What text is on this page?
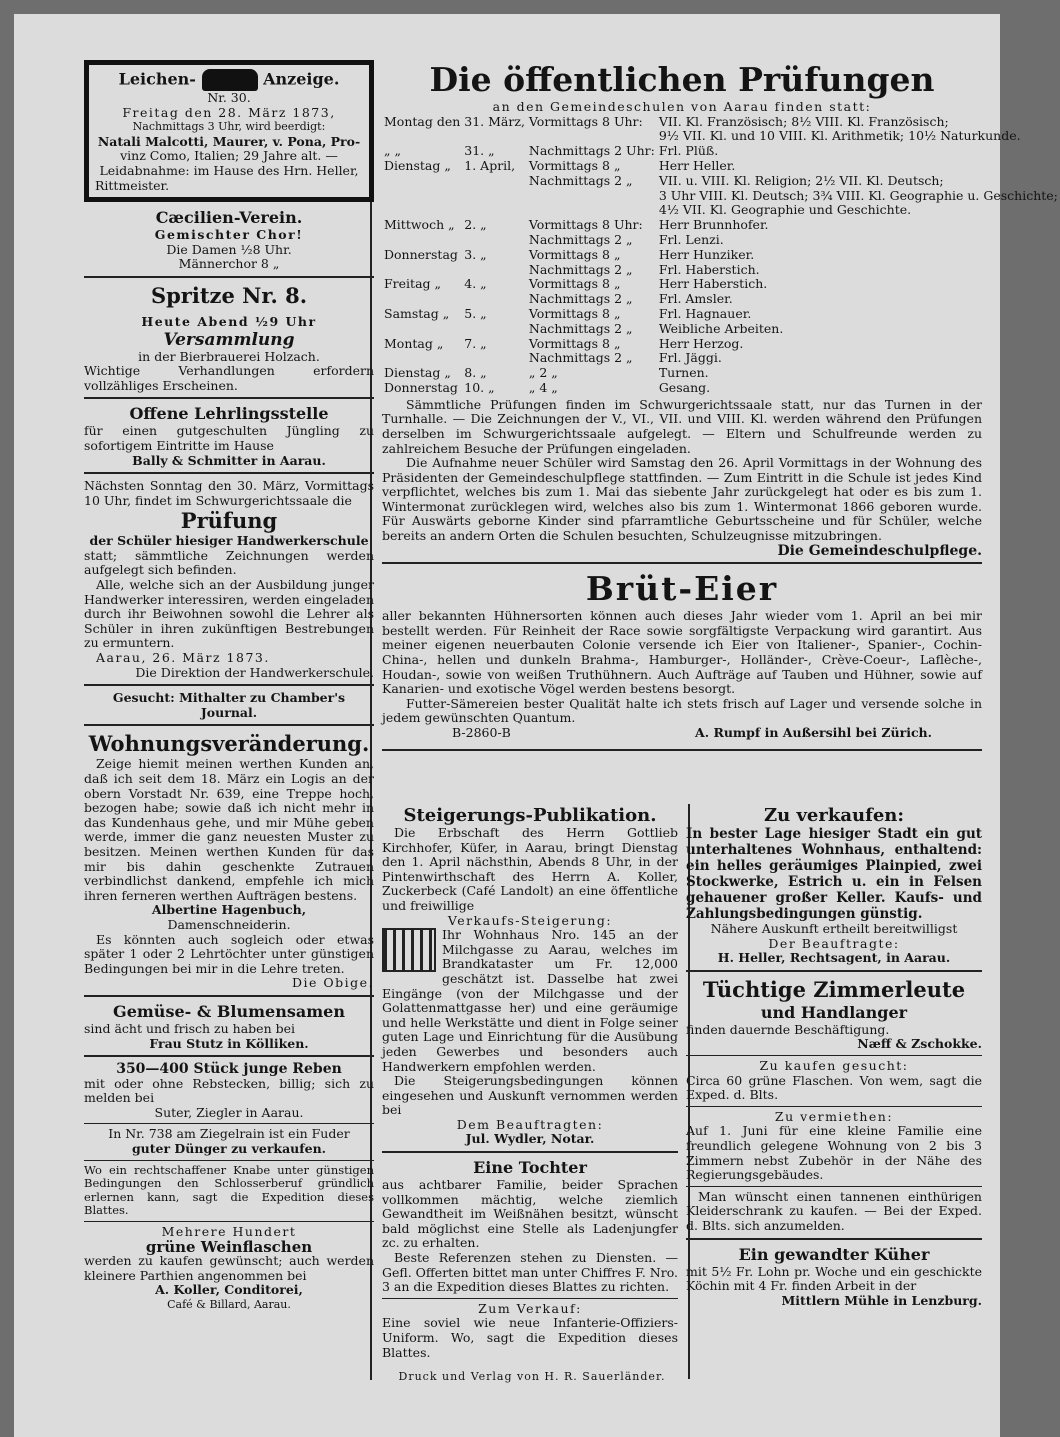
Leichen-	Anzeige.
Nr. 30.
Freitag den 28. März 1873,
Nachmittags 3 Uhr, wird beerdigt:
Natali Malcotti, Maurer, v. Pona, Pro-
vinz Como, Italien; 29 Jahre alt. —
Leidabnahme: im Hause des Hrn. Heller,
Rittmeister.
Cæcilien-Verein.
Gemischter Chor!
Die Damen ½8 Uhr.
Männerchor 8 „
Spritze Nr. 8.
Heute Abend ½9 Uhr
Versammlung
in der Bierbrauerei Holzach.
Wichtige Verhandlungen erfordern vollzähliges Erscheinen.
Offene Lehrlingsstelle
für einen gutgeschulten Jüngling zu sofortigem Eintritte im Hause
Bally & Schmitter in Aarau.
Nächsten Sonntag den 30. März, Vormittags 10 Uhr, findet im Schwurgerichtssaale die
Prüfung
der Schüler hiesiger Handwerkerschule
statt; sämmtliche Zeichnungen werden aufgelegt sich befinden.
Alle, welche sich an der Ausbildung junger Handwerker interessiren, werden eingeladen durch ihr Beiwohnen sowohl die Lehrer als Schüler in ihren zukünftigen Bestrebungen zu ermuntern.
Aarau, 26. März 1873.
Die Direktion der Handwerkerschule.
Gesucht: Mithalter zu Chamber's Journal.
Wohnungsveränderung.
Zeige hiemit meinen werthen Kunden an, daß ich seit dem 18. März ein Logis an der obern Vorstadt Nr. 639, eine Treppe hoch, bezogen habe; sowie daß ich nicht mehr in das Kundenhaus gehe, und mir Mühe geben werde, immer die ganz neuesten Muster zu besitzen. Meinen werthen Kunden für das mir bis dahin geschenkte Zutrauen verbindlichst dankend, empfehle ich mich ihren ferneren werthen Aufträgen bestens.
Albertine Hagenbuch,
Damenschneiderin.
Es könnten auch sogleich oder etwas später 1 oder 2 Lehrtöchter unter günstigen Bedingungen bei mir in die Lehre treten.
Die Obige.
Gemüse- & Blumensamen
sind ächt und frisch zu haben bei
Frau Stutz in Kölliken.
350—400 Stück junge Reben
mit oder ohne Rebstecken, billig; sich zu melden bei
Suter, Ziegler in Aarau.
In Nr. 738 am Ziegelrain ist ein Fuder
guter Dünger zu verkaufen.
Wo ein rechtschaffener Knabe unter günstigen Bedingungen den Schlosserberuf gründlich erlernen kann, sagt die Expedition dieses Blattes.
Mehrere Hundert
grüne Weinflaschen
werden zu kaufen gewünscht; auch werden kleinere Parthien angenommen bei
A. Koller, Conditorei,
Café & Billard, Aarau.
Die öffentlichen Prüfungen
an den Gemeindeschulen von Aarau finden statt:
Montag den	31. März,	Vormittags 8 Uhr:	VII. Kl. Französisch; 8½ VIII. Kl. Französisch;
			9½ VII. Kl. und 10 VIII. Kl. Arithmetik; 10½ Naturkunde.
„ „	31. „	Nachmittags 2 Uhr:	Frl. Plüß.
Dienstag „	1. April,	Vormittags 8 „	Herr Heller.
		Nachmittags 2 „	VII. u. VIII. Kl. Religion; 2½ VII. Kl. Deutsch;
			3 Uhr VIII. Kl. Deutsch; 3¾ VIII. Kl. Geographie u. Geschichte;
			4½ VII. Kl. Geographie und Geschichte.
Mittwoch „	2. „	Vormittags 8 Uhr:	Herr Brunnhofer.
		Nachmittags 2 „	Frl. Lenzi.
Donnerstag	3. „	Vormittags 8 „	Herr Hunziker.
		Nachmittags 2 „	Frl. Haberstich.
Freitag „	4. „	Vormittags 8 „	Herr Haberstich.
		Nachmittags 2 „	Frl. Amsler.
Samstag „	5. „	Vormittags 8 „	Frl. Hagnauer.
		Nachmittags 2 „	Weibliche Arbeiten.
Montag „	7. „	Vormittags 8 „	Herr Herzog.
		Nachmittags 2 „	Frl. Jäggi.
Dienstag „	8. „	„ 2 „	Turnen.
Donnerstag	10. „	„ 4 „	Gesang.
Sämmtliche Prüfungen finden im Schwurgerichtssaale statt, nur das Turnen in der Turnhalle. — Die Zeichnungen der V., VI., VII. und VIII. Kl. werden während den Prüfungen derselben im Schwurgerichtssaale aufgelegt. — Eltern und Schulfreunde werden zu zahlreichem Besuche der Prüfungen eingeladen.
Die Aufnahme neuer Schüler wird Samstag den 26. April Vormittags in der Wohnung des Präsidenten der Gemeindeschulpflege stattfinden. — Zum Eintritt in die Schule ist jedes Kind verpflichtet, welches bis zum 1. Mai das siebente Jahr zurückgelegt hat oder es bis zum 1. Wintermonat zurücklegen wird, welches also bis zum 1. Wintermonat 1866 geboren wurde. Für Auswärts geborne Kinder sind pfarramtliche Geburtsscheine und für Schüler, welche bereits an andern Orten die Schulen besuchten, Schulzeugnisse mitzubringen.
Die Gemeindeschulpflege.
Brüt-Eier
aller bekannten Hühnersorten können auch dieses Jahr wieder vom 1. April an bei mir bestellt werden. Für Reinheit der Race sowie sorgfältigste Verpackung wird garantirt. Aus meiner eigenen neuerbauten Colonie versende ich Eier von Italiener-, Spanier-, Cochin-China-, hellen und dunkeln Brahma-, Hamburger-, Holländer-, Crève-Coeur-, Laflèche-, Houdan-, sowie von weißen Truthühnern. Auch Aufträge auf Tauben und Hühner, sowie auf Kanarien- und exotische Vögel werden bestens besorgt.
Futter-Sämereien bester Qualität halte ich stets frisch auf Lager und versende solche in jedem gewünschten Quantum.
B-2860-B	A. Rumpf in Außersihl bei Zürich.
Steigerungs-Publikation.
Die Erbschaft des Herrn Gottlieb Kirchhofer, Küfer, in Aarau, bringt Dienstag den 1. April nächsthin, Abends 8 Uhr, in der Pintenwirthschaft des Herrn A. Koller, Zuckerbeck (Café Landolt) an eine öffentliche und freiwillige
Verkaufs-Steigerung:
Ihr Wohnhaus Nro. 145 an der Milchgasse zu Aarau, welches im Brandkataster um Fr. 12,000 geschätzt ist. Dasselbe hat zwei Eingänge (von der Milchgasse und der Golattenmattgasse her) und eine geräumige und helle Werkstätte und dient in Folge seiner guten Lage und Einrichtung für die Ausübung jeden Gewerbes und besonders auch Handwerkern empfohlen werden.
Die Steigerungsbedingungen können eingesehen und Auskunft vernommen werden bei
Dem Beauftragten:
Jul. Wydler, Notar.
Eine Tochter
aus achtbarer Familie, beider Sprachen vollkommen mächtig, welche ziemlich Gewandtheit im Weißnähen besitzt, wünscht bald möglichst eine Stelle als Ladenjungfer zc. zu erhalten.
Beste Referenzen stehen zu Diensten. — Gefl. Offerten bittet man unter Chiffres F. Nro. 3 an die Expedition dieses Blattes zu richten.
Zum Verkauf:
Eine soviel wie neue Infanterie-Offiziers-Uniform. Wo, sagt die Expedition dieses Blattes.
Zu verkaufen:
In bester Lage hiesiger Stadt ein gut unterhaltenes Wohnhaus, enthaltend: ein helles geräumiges Plainpied, zwei Stockwerke, Estrich u. ein in Felsen gehauener großer Keller. Kaufs- und Zahlungsbedingungen günstig.
Nähere Auskunft ertheilt bereitwilligst
Der Beauftragte:
H. Heller, Rechtsagent, in Aarau.
Tüchtige Zimmerleute
und Handlanger
finden dauernde Beschäftigung.
Næff & Zschokke.
Zu kaufen gesucht:
Circa 60 grüne Flaschen. Von wem, sagt die Exped. d. Blts.
Zu vermiethen:
Auf 1. Juni für eine kleine Familie eine freundlich gelegene Wohnung von 2 bis 3 Zimmern nebst Zubehör in der Nähe des Regierungsgebäudes.
Man wünscht einen tannenen einthürigen Kleiderschrank zu kaufen. — Bei der Exped. d. Blts. sich anzumelden.
Ein gewandter Küher
mit 5½ Fr. Lohn pr. Woche und ein geschickte Köchin mit 4 Fr. finden Arbeit in der
Mittlern Mühle in Lenzburg.
Druck und Verlag von H. R. Sauerländer.
